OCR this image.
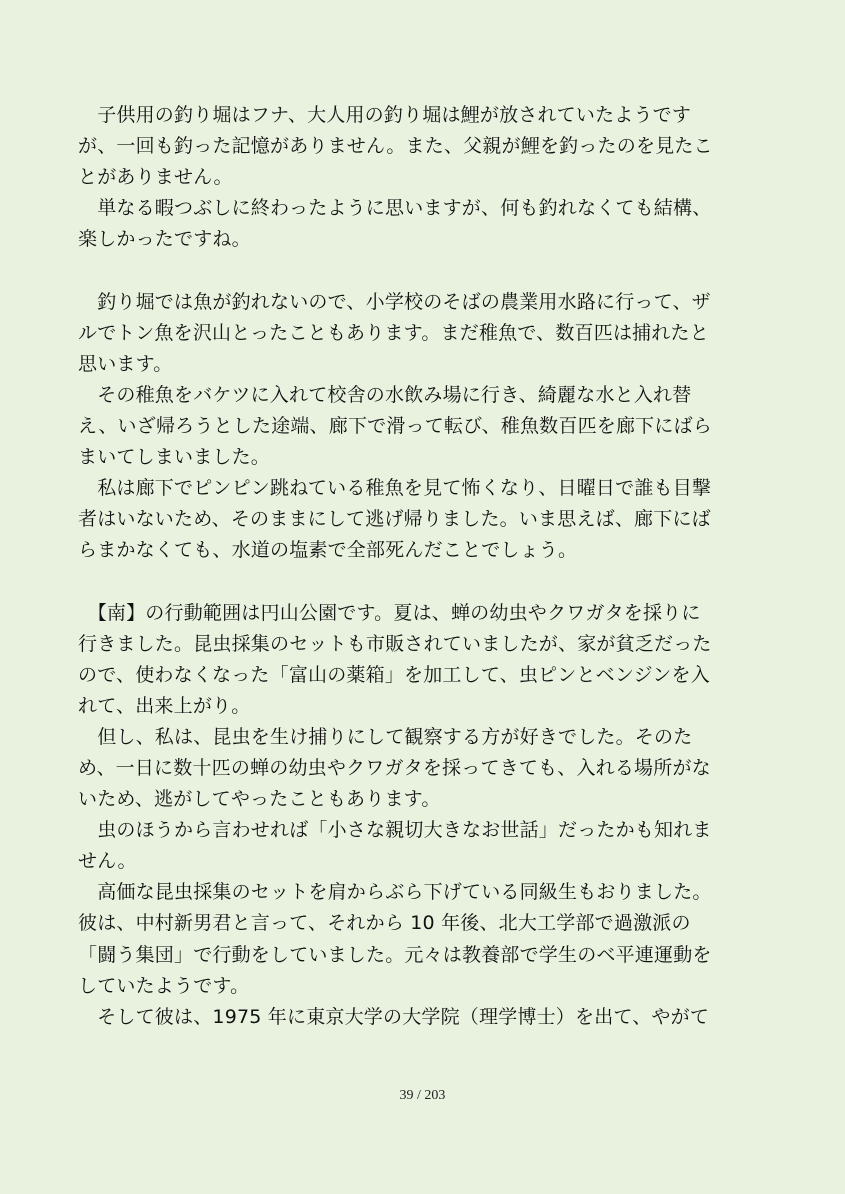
　子供用の釣り堀はフナ、大人用の釣り堀は鯉が放されていたようです
が、一回も釣った記憶がありません。また、父親が鯉を釣ったのを見たこ
とがありません。
　単なる暇つぶしに終わったように思いますが、何も釣れなくても結構、
楽しかったですね。
　釣り堀では魚が釣れないので、小学校のそばの農業用水路に行って、ザ
ルでトン魚を沢山とったこともあります。まだ稚魚で、数百匹は捕れたと
思います。
　その稚魚をバケツに入れて校舎の水飲み場に行き、綺麗な水と入れ替
え、いざ帰ろうとした途端、廊下で滑って転び、稚魚数百匹を廊下にばら
まいてしまいました。
　私は廊下でピンピン跳ねている稚魚を見て怖くなり、日曜日で誰も目撃
者はいないため、そのままにして逃げ帰りました。いま思えば、廊下にば
らまかなくても、水道の塩素で全部死んだことでしょう。
　【南】の行動範囲は円山公園です。夏は、蝉の幼虫やクワガタを採りに
行きました。昆虫採集のセットも市販されていましたが、家が貧乏だった
ので、使わなくなった「富山の薬箱」を加工して、虫ピンとベンジンを入
れて、出来上がり。
　但し、私は、昆虫を生け捕りにして観察する方が好きでした。そのた
め、一日に数十匹の蝉の幼虫やクワガタを採ってきても、入れる場所がな
いため、逃がしてやったこともあります。
　虫のほうから言わせれば「小さな親切大きなお世話」だったかも知れま
せん。
　高価な昆虫採集のセットを肩からぶら下げている同級生もおりました。
彼は、中村新男君と言って、それから 10 年後、北大工学部で過激派の
「闘う集団」で行動をしていました。元々は教養部で学生のベ平連運動を
していたようです。
　そして彼は、1975 年に東京大学の大学院（理学博士）を出て、やがて
39 / 203
